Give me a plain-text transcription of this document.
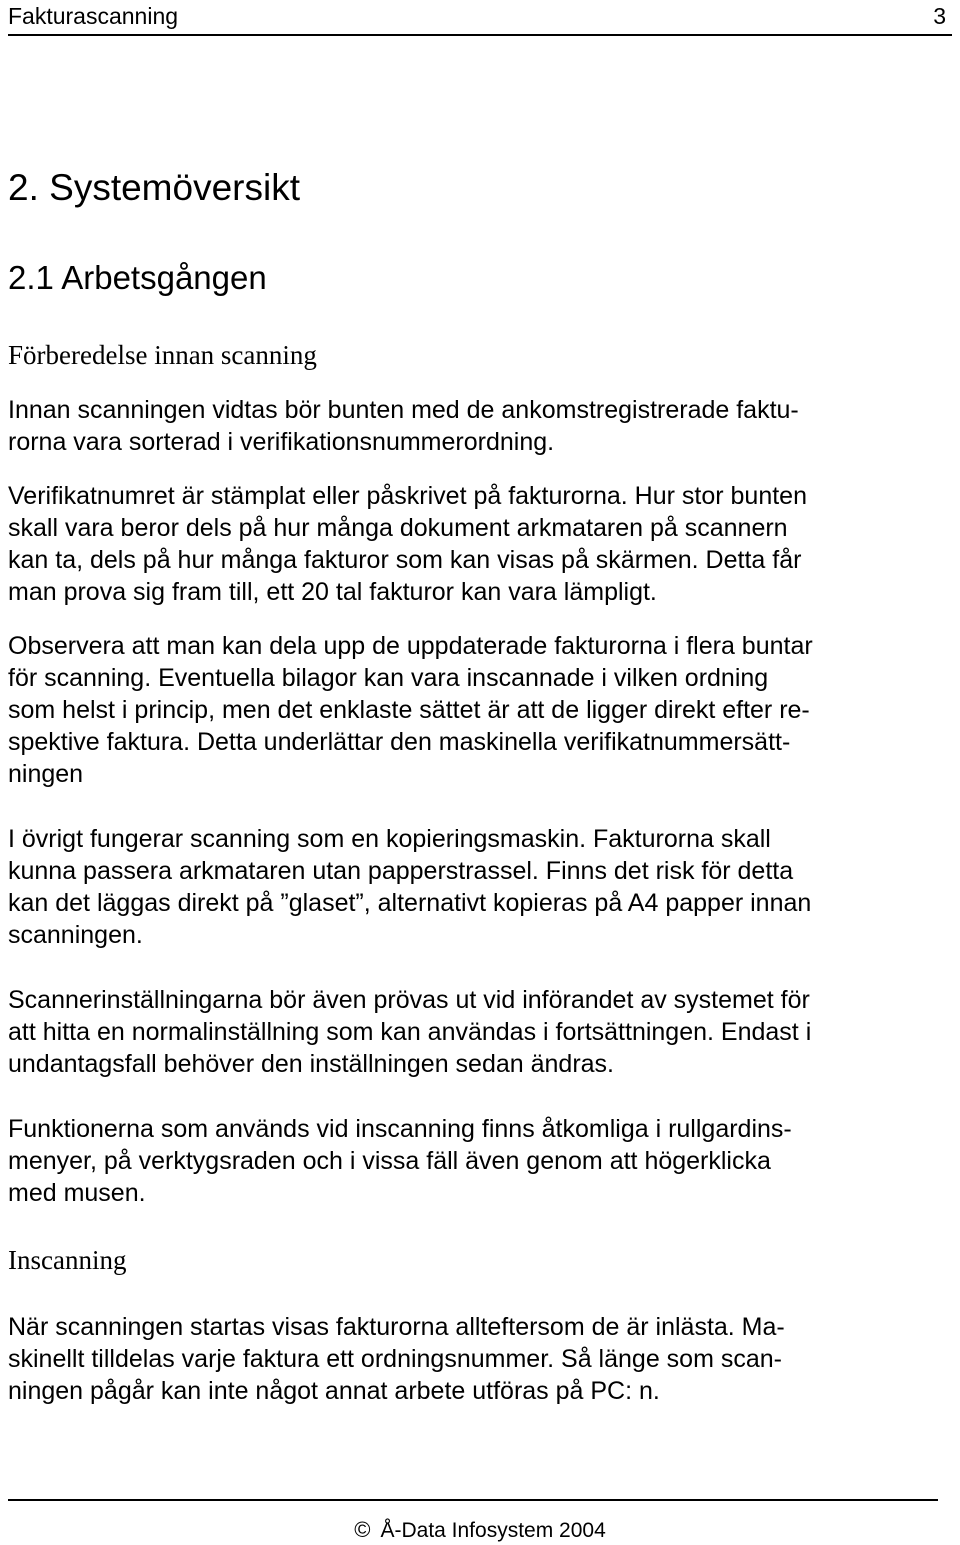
Fakturascanning	3
2. Systemöversikt
2.1 Arbetsgången
Förberedelse innan scanning
Innan scanningen vidtas bör bunten med de ankomstregistrerade faktu-
rorna vara sorterad i verifikationsnummerordning.
Verifikatnumret är stämplat eller påskrivet på fakturorna. Hur stor bunten
skall vara beror dels på hur många dokument arkmataren på scannern
kan ta, dels på hur många fakturor som kan visas på skärmen. Detta får
man prova sig fram till, ett 20 tal fakturor kan vara lämpligt.
Observera att man kan dela upp de uppdaterade fakturorna i flera buntar
för scanning. Eventuella bilagor kan vara inscannade i vilken ordning
som helst i princip, men det enklaste sättet är att de ligger direkt efter re-
spektive faktura. Detta underlättar den maskinella verifikatnummersätt-
ningen
I övrigt fungerar scanning som en kopieringsmaskin. Fakturorna skall
kunna passera arkmataren utan papperstrassel. Finns det risk för detta
kan det läggas direkt på ”glaset”, alternativt kopieras på A4 papper innan
scanningen.
Scannerinställningarna bör även prövas ut vid införandet av systemet för
att hitta en normalinställning som kan användas i fortsättningen. Endast i
undantagsfall behöver den inställningen sedan ändras.
Funktionerna som används vid inscanning finns åtkomliga i rullgardins-
menyer, på verktygsraden och i vissa fäll även genom att högerklicka
med musen.
Inscanning
När scanningen startas visas fakturorna allteftersom de är inlästa. Ma-
skinellt tilldelas varje faktura ett ordningsnummer. Så länge som scan-
ningen pågår kan inte något annat arbete utföras på PC: n.
© Å-Data Infosystem 2004
